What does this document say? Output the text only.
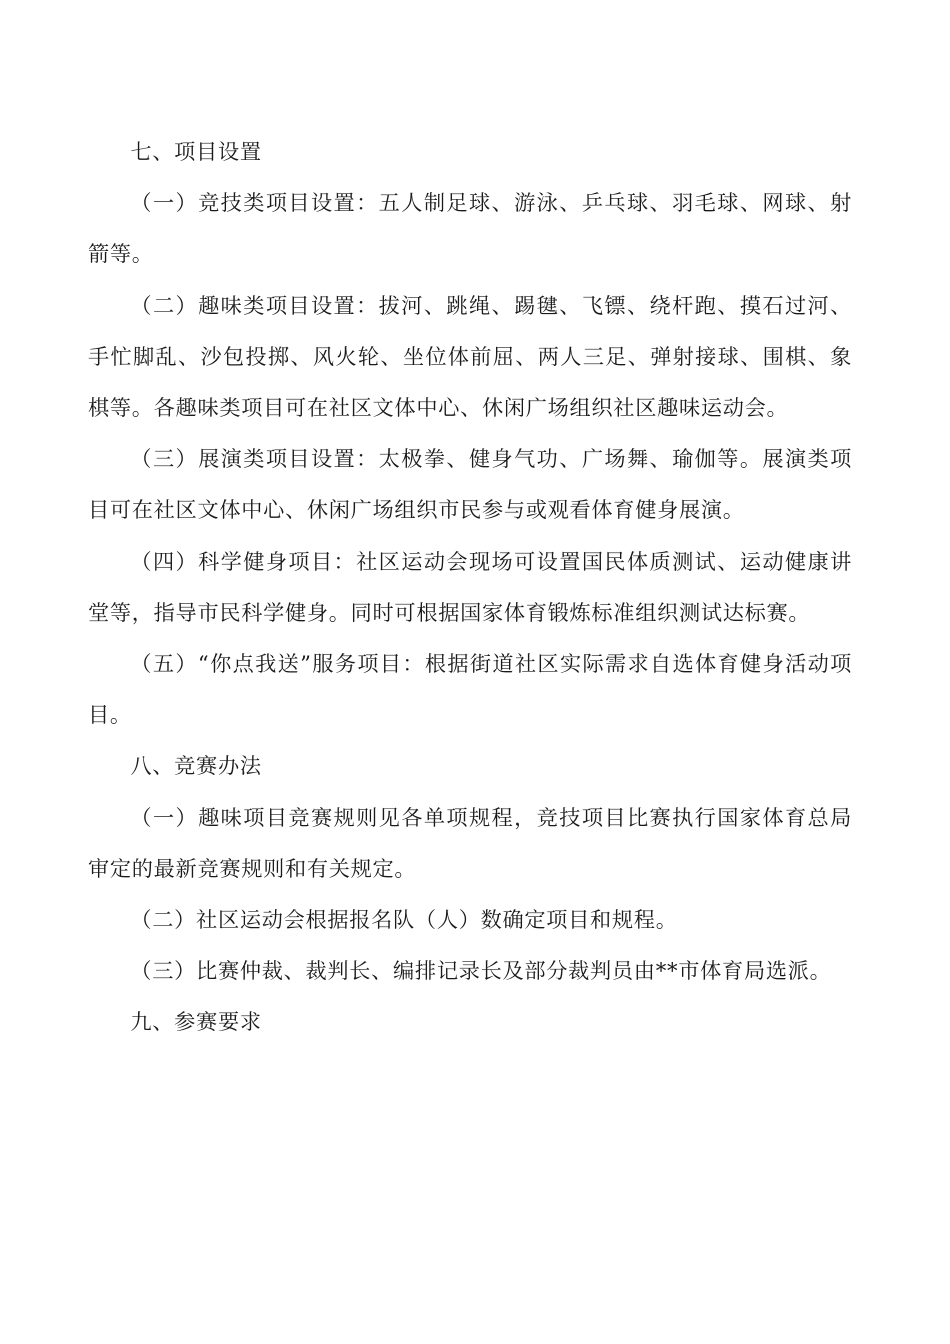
七、项目设置

（一）竞技类项目设置：五人制足球、游泳、乒乓球、羽毛球、网球、射箭等。

（二）趣味类项目设置：拔河、跳绳、踢毽、飞镖、绕杆跑、摸石过河、手忙脚乱、沙包投掷、风火轮、坐位体前屈、两人三足、弹射接球、围棋、象棋等。各趣味类项目可在社区文体中心、休闲广场组织社区趣味运动会。

（三）展演类项目设置：太极拳、健身气功、广场舞、瑜伽等。展演类项目可在社区文体中心、休闲广场组织市民参与或观看体育健身展演。

（四）科学健身项目：社区运动会现场可设置国民体质测试、运动健康讲堂等，指导市民科学健身。同时可根据国家体育锻炼标准组织测试达标赛。

（五）“你点我送”服务项目：根据街道社区实际需求自选体育健身活动项目。

八、竞赛办法

（一）趣味项目竞赛规则见各单项规程，竞技项目比赛执行国家体育总局审定的最新竞赛规则和有关规定。

（二）社区运动会根据报名队（人）数确定项目和规程。

（三）比赛仲裁、裁判长、编排记录长及部分裁判员由**市体育局选派。

九、参赛要求
